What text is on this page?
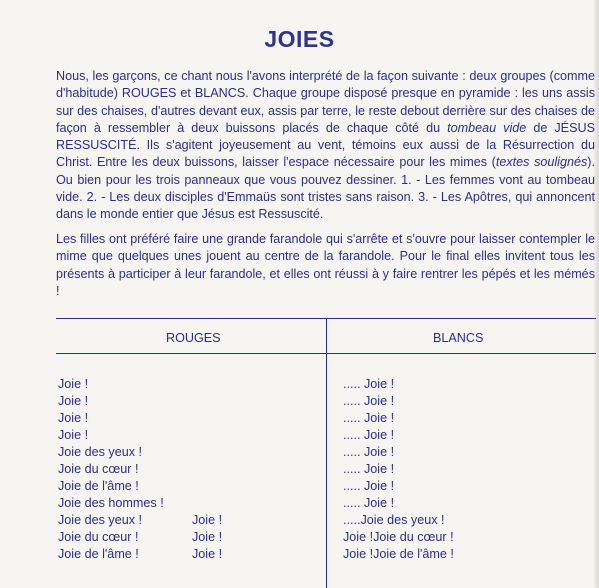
JOIES
Nous, les garçons, ce chant nous l'avons interprété de la façon suivante : deux groupes (comme d'habitude) ROUGES et BLANCS. Chaque groupe disposé presque en pyramide : les uns assis sur des chaises, d'autres devant eux, assis par terre, le reste debout derrière sur des chaises de façon à ressembler à deux buissons placés de chaque côté du tombeau vide de JÉSUS RESSUSCITÉ. Ils s'agitent joyeusement au vent, témoins eux aussi de la Résurrection du Christ. Entre les deux buissons, laisser l'espace nécessaire pour les mimes (textes soulignés). Ou bien pour les trois panneaux que vous pouvez dessiner. 1. - Les femmes vont au tombeau vide. 2. - Les deux disciples d'Emmaüs sont tristes sans raison. 3. - Les Apôtres, qui annoncent dans le monde entier que Jésus est Ressuscité.
Les filles ont préféré faire une grande farandole qui s'arrête et s'ouvre pour laisser contempler le mime que quelques unes jouent au centre de la farandole. Pour le final elles invitent tous les présents à participer à leur farandole, et elles ont réussi à y faire rentrer les pépés et les mémés !
ROUGES	BLANCS
Joie !	..... Joie !
Joie !	..... Joie !
Joie !	..... Joie !
Joie !	..... Joie !
Joie des yeux !	..... Joie !
Joie du cœur !	..... Joie !
Joie de l'âme !	..... Joie !
Joie des hommes !	..... Joie !
Joie des yeux !	Joie !	.....Joie des yeux !
Joie du cœur !	Joie !	Joie !Joie du cœur !
Joie de l'âme !	Joie !	Joie !Joie de l'âme !
